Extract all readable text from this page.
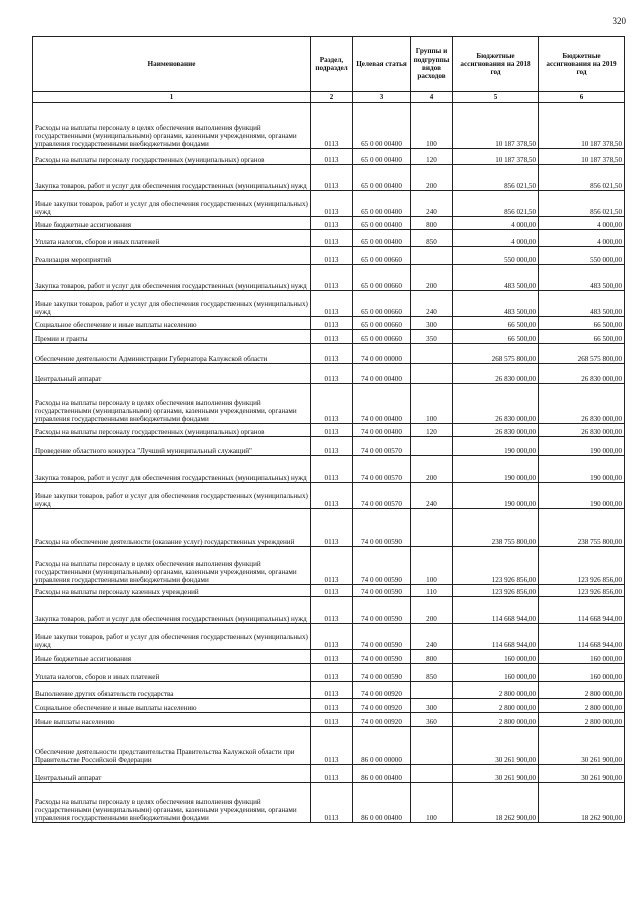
320
Наименование	Раздел, подраздел	Целевая статья	Группы и подгруппы видов расходов	Бюджетные ассигнования на 2018 год	Бюджетные ассигнования на 2019 год
1	2	3	4	5	6
Расходы на выплаты персоналу в целях обеспечения выполнения функций государственными (муниципальными) органами, казенными учреждениями, органами управления государственными внебюджетными фондами	0113	65 0 00 00400	100	10 187 378,50	10 187 378,50
Расходы на выплаты персоналу государственных (муниципальных) органов	0113	65 0 00 00400	120	10 187 378,50	10 187 378,50
Закупка товаров, работ и услуг для обеспечения государственных (муниципальных) нужд	0113	65 0 00 00400	200	856 021,50	856 021,50
Иные закупки товаров, работ и услуг для обеспечения государственных (муниципальных) нужд	0113	65 0 00 00400	240	856 021,50	856 021,50
Иные бюджетные ассигнования	0113	65 0 00 00400	800	4 000,00	4 000,00
Уплата налогов, сборов и иных платежей	0113	65 0 00 00400	850	4 000,00	4 000,00
Реализация мероприятий	0113	65 0 00 00660		550 000,00	550 000,00
Закупка товаров, работ и услуг для обеспечения государственных (муниципальных) нужд	0113	65 0 00 00660	200	483 500,00	483 500,00
Иные закупки товаров, работ и услуг для обеспечения государственных (муниципальных) нужд	0113	65 0 00 00660	240	483 500,00	483 500,00
Социальное обеспечение и иные выплаты населению	0113	65 0 00 00660	300	66 500,00	66 500,00
Премии и гранты	0113	65 0 00 00660	350	66 500,00	66 500,00
Обеспечение деятельности Администрации Губернатора Калужской области	0113	74 0 00 00000		268 575 800,00	268 575 800,00
Центральный аппарат	0113	74 0 00 00400		26 830 000,00	26 830 000,00
Расходы на выплаты персоналу в целях обеспечения выполнения функций государственными (муниципальными) органами, казенными учреждениями, органами управления государственными внебюджетными фондами	0113	74 0 00 00400	100	26 830 000,00	26 830 000,00
Расходы на выплаты персоналу государственных (муниципальных) органов	0113	74 0 00 00400	120	26 830 000,00	26 830 000,00
Проведение областного конкурса "Лучший муниципальный служащий"	0113	74 0 00 00570		190 000,00	190 000,00
Закупка товаров, работ и услуг для обеспечения государственных (муниципальных) нужд	0113	74 0 00 00570	200	190 000,00	190 000,00
Иные закупки товаров, работ и услуг для обеспечения государственных (муниципальных) нужд	0113	74 0 00 00570	240	190 000,00	190 000,00
Расходы на обеспечение деятельности (оказание услуг) государственных учреждений	0113	74 0 00 00590		238 755 800,00	238 755 800,00
Расходы на выплаты персоналу в целях обеспечения выполнения функций государственными (муниципальными) органами, казенными учреждениями, органами управления государственными внебюджетными фондами	0113	74 0 00 00590	100	123 926 856,00	123 926 856,00
Расходы на выплаты персоналу казенных учреждений	0113	74 0 00 00590	110	123 926 856,00	123 926 856,00
Закупка товаров, работ и услуг для обеспечения государственных (муниципальных) нужд	0113	74 0 00 00590	200	114 668 944,00	114 668 944,00
Иные закупки товаров, работ и услуг для обеспечения государственных (муниципальных) нужд	0113	74 0 00 00590	240	114 668 944,00	114 668 944,00
Иные бюджетные ассигнования	0113	74 0 00 00590	800	160 000,00	160 000,00
Уплата налогов, сборов и иных платежей	0113	74 0 00 00590	850	160 000,00	160 000,00
Выполнение других обязательств государства	0113	74 0 00 00920		2 800 000,00	2 800 000,00
Социальное обеспечение и иные выплаты населению	0113	74 0 00 00920	300	2 800 000,00	2 800 000,00
Иные выплаты населению	0113	74 0 00 00920	360	2 800 000,00	2 800 000,00
Обеспечение деятельности представительства Правительства Калужской области при Правительстве Российской Федерации	0113	86 0 00 00000		30 261 900,00	30 261 900,00
Центральный аппарат	0113	86 0 00 00400		30 261 900,00	30 261 900,00
Расходы на выплаты персоналу в целях обеспечения выполнения функций государственными (муниципальными) органами, казенными учреждениями, органами управления государственными внебюджетными фондами	0113	86 0 00 00400	100	18 262 900,00	18 262 900,00
